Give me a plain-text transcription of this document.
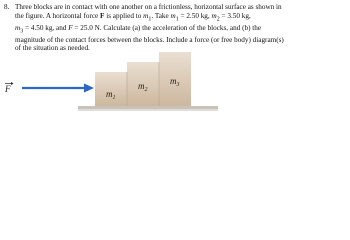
8. Three blocks are in contact with one another on a frictionless, horizontal surface as shown in
the figure. A horizontal force F is applied to $m_1$. Take $m_1 = 2.50$ kg, $m_2 = 3.50$ kg,
$m_3 = 4.50$ kg, and F = 25.0 N. Calculate (a) the acceleration of the blocks, and (b) the
magnitude of the contact forces between the blocks. Include a force (or free body) diagram(s)
of the situation as needed.
$m_1$
$m_2$
$m_3$
F
